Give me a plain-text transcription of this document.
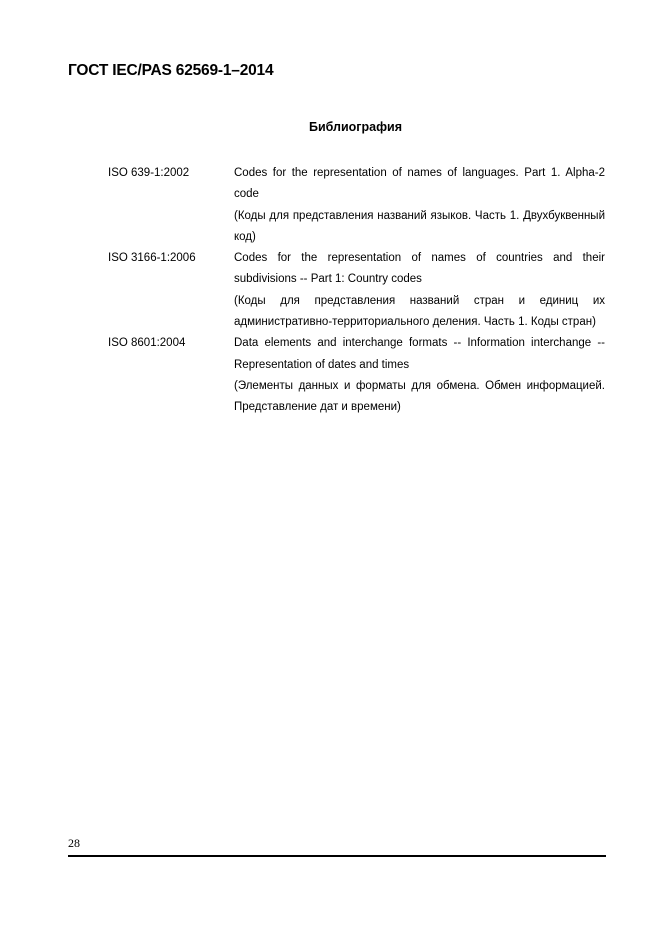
ГОСТ IEC/PAS 62569-1–2014
Библиография
ISO 639-1:2002	Codes for the representation of names of languages. Part 1. Alpha-2 code

(Коды для представления названий языков. Часть 1. Двухбуквенный код)

ISO 3166-1:2006	Codes for the representation of names of countries and their subdivisions -- Part 1: Country codes

(Коды для представления названий стран и единиц их административно-территориального деления. Часть 1. Коды стран)

ISO 8601:2004	Data elements and interchange formats -- Information interchange -- Representation of dates and times

(Элементы данных и форматы для обмена. Обмен информацией. Представление дат и времени)

28
